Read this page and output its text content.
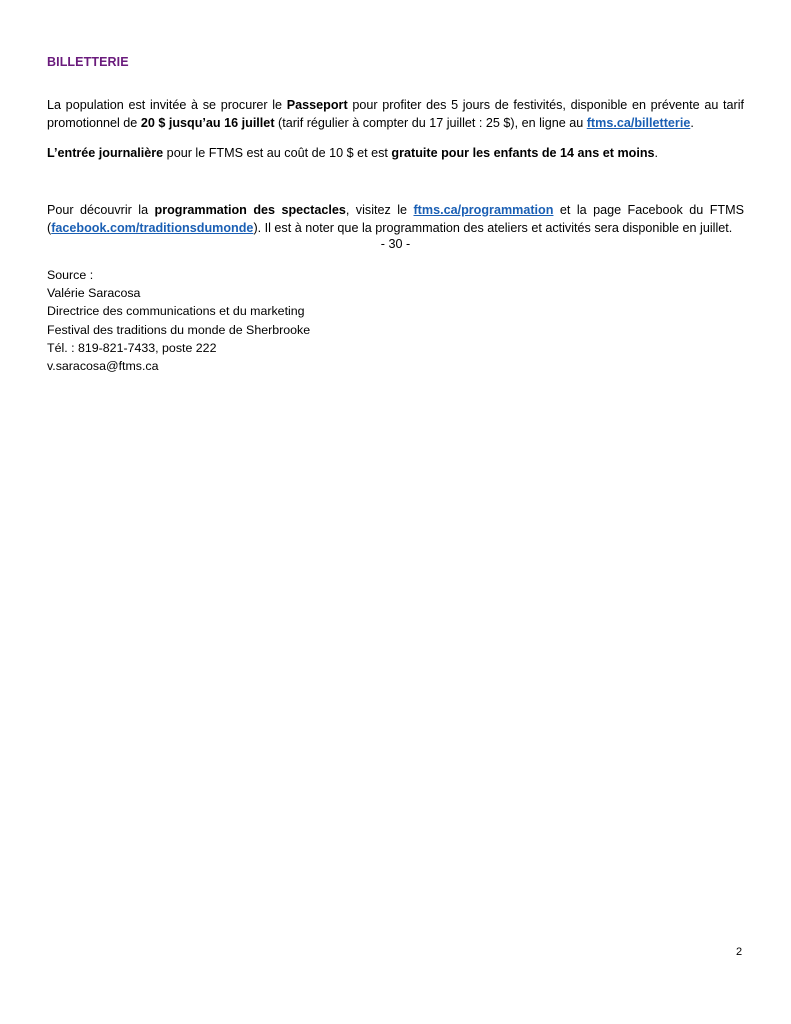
BILLETTERIE

La population est invitée à se procurer le Passeport pour profiter des 5 jours de festivités, disponible en prévente au tarif promotionnel de 20 $ jusqu’au 16 juillet (tarif régulier à compter du 17 juillet : 25 $), en ligne au ftms.ca/billetterie.

L’entrée journalière pour le FTMS est au coût de 10 $ et est gratuite pour les enfants de 14 ans et moins.

Pour découvrir la programmation des spectacles, visitez le ftms.ca/programmation et la page Facebook du FTMS (facebook.com/traditionsdumonde). Il est à noter que la programmation des ateliers et activités sera disponible en juillet.

- 30 -
Source :
Valérie Saracosa
Directrice des communications et du marketing
Festival des traditions du monde de Sherbrooke
Tél. : 819-821-7433, poste 222
v.saracosa@ftms.ca
2
